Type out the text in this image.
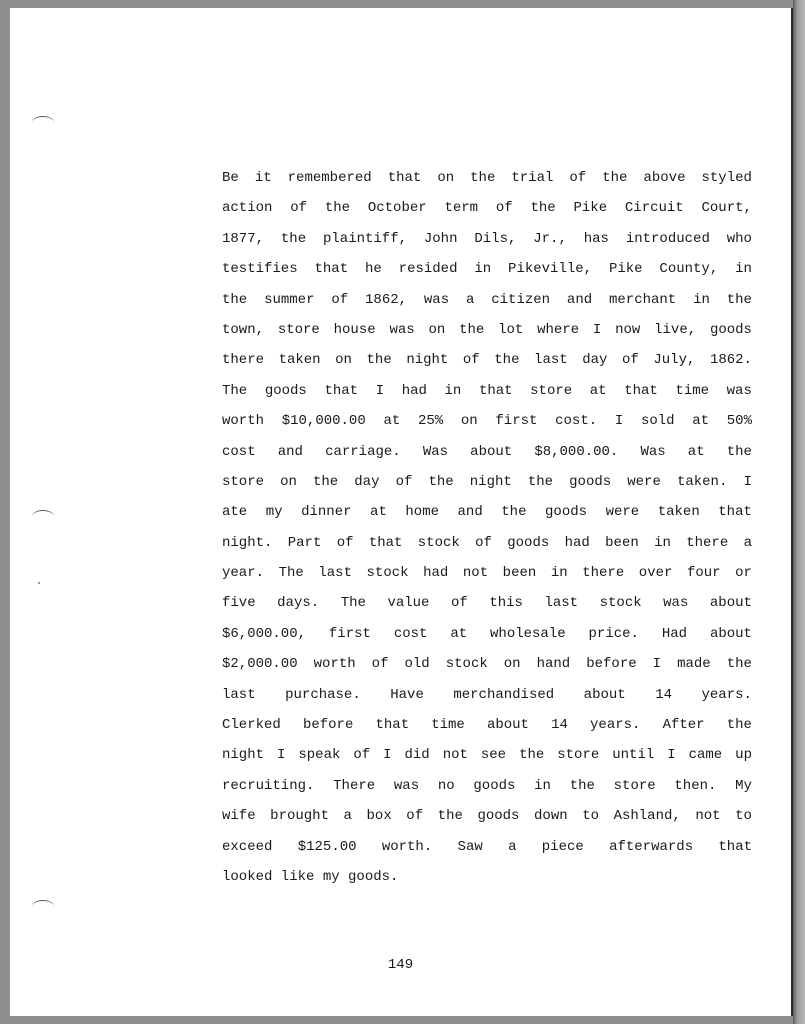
Be it remembered that on the trial of the above styled
action of the October term of the Pike Circuit Court,
1877, the plaintiff, John Dils, Jr., has introduced who
testifies that he resided in Pikeville, Pike County, in
the summer of 1862, was a citizen and merchant in the
town, store house was on the lot where I now live, goods
there taken on the night of the last day of July, 1862.
The goods that I had in that store at that time was
worth $10,000.00 at 25% on first cost. I sold at 50%
cost and carriage. Was about $8,000.00. Was at the
store on the day of the night the goods were taken. I
ate my dinner at home and the goods were taken that
night. Part of that stock of goods had been in there a
year. The last stock had not been in there over four or
five days. The value of this last stock was about
$6,000.00, first cost at wholesale price. Had about
$2,000.00 worth of old stock on hand before I made the
last purchase. Have merchandised about 14 years.
Clerked before that time about 14 years. After the
night I speak of I did not see the store until I came up
recruiting. There was no goods in the store then. My
wife brought a box of the goods down to Ashland, not to
exceed $125.00 worth. Saw a piece afterwards that
looked like my goods.
149
